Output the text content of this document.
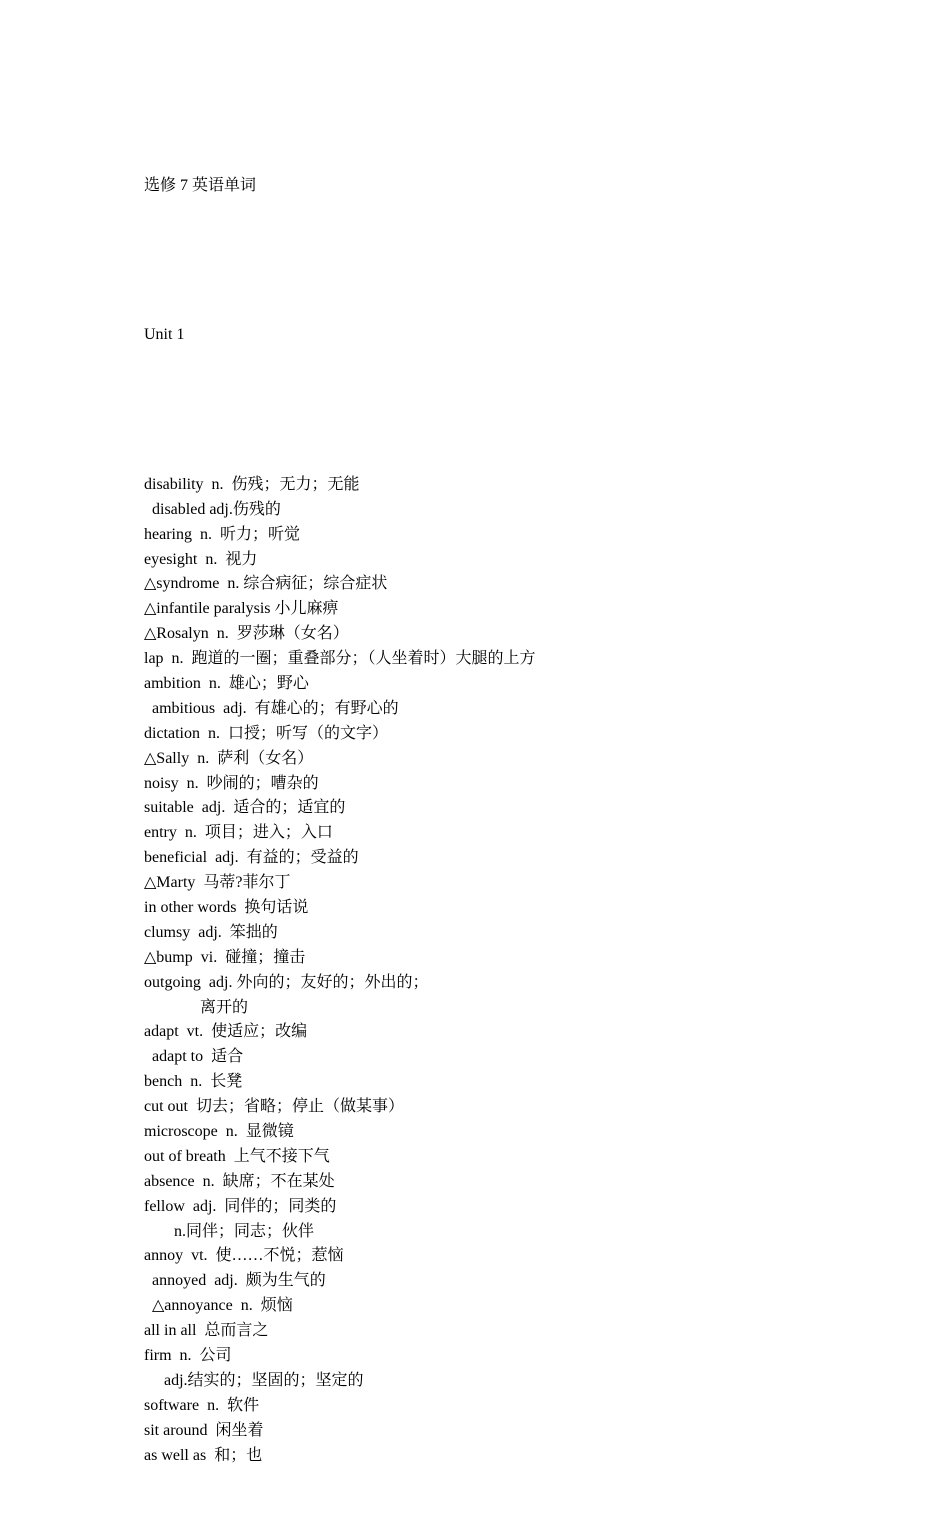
选修 7 英语单词

Unit 1

disability  n.  伤残；无力；无能
disabled adj.伤残的
hearing  n.  听力；听觉
eyesight  n.  视力
△syndrome  n. 综合病征；综合症状
△infantile paralysis 小儿麻痹
△Rosalyn  n.  罗莎琳（女名）
lap  n.  跑道的一圈；重叠部分；（人坐着时）大腿的上方
ambition  n.  雄心；野心
ambitious  adj.  有雄心的；有野心的
dictation  n.  口授；听写（的文字）
△Sally  n.  萨利（女名）
noisy  n.  吵闹的；嘈杂的
suitable  adj.  适合的；适宜的
entry  n.  项目；进入；入口
beneficial  adj.  有益的；受益的
△Marty  马蒂?菲尔丁
in other words  换句话说
clumsy  adj.  笨拙的
△bump  vi.  碰撞；撞击
outgoing  adj. 外向的；友好的；外出的；
离开的
adapt  vt.  使适应；改编
adapt to  适合
bench  n.  长凳
cut out  切去；省略；停止（做某事）
microscope  n.  显微镜
out of breath  上气不接下气
absence  n.  缺席；不在某处
fellow  adj.  同伴的；同类的
n.同伴；同志；伙伴
annoy  vt.  使……不悦；惹恼
annoyed  adj.  颇为生气的
△annoyance  n.  烦恼
all in all  总而言之
firm  n.  公司
adj.结实的；坚固的；坚定的
software  n.  软件
sit around  闲坐着
as well as  和；也
